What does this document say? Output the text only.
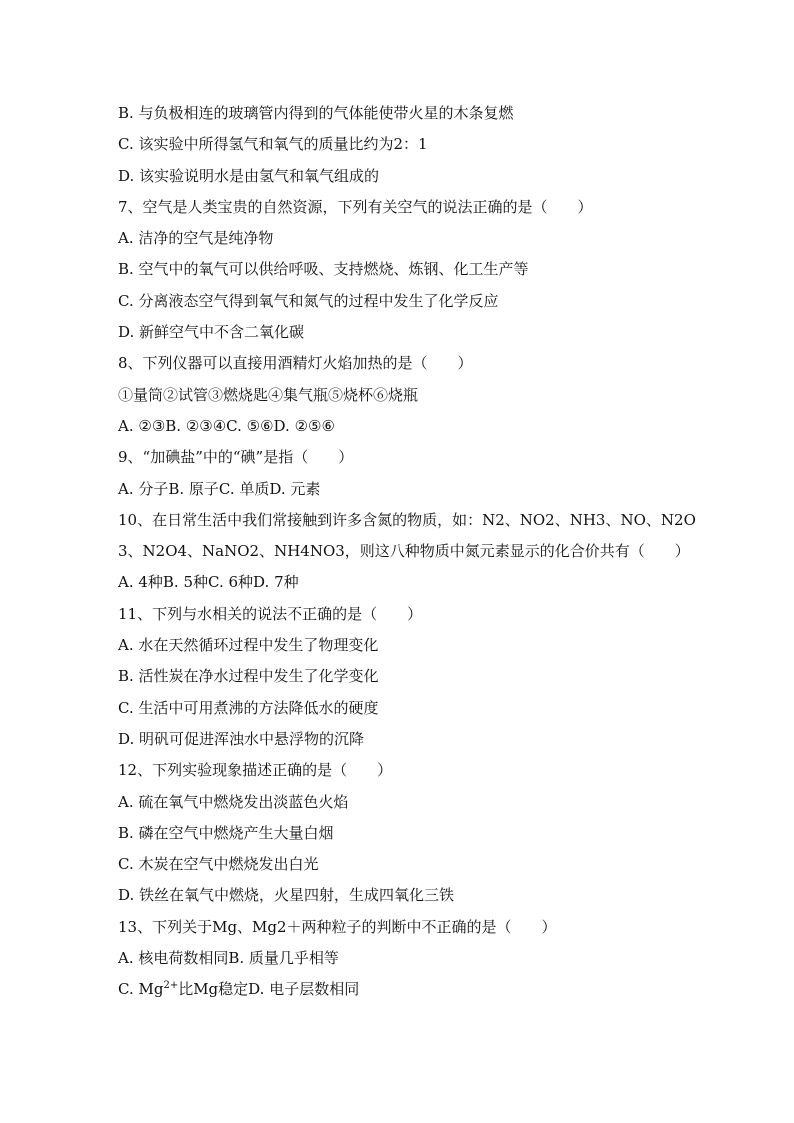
B. 与负极相连的玻璃管内得到的气体能使带火星的木条复燃
C. 该实验中所得氢气和氧气的质量比约为2：1
D. 该实验说明水是由氢气和氧气组成的
7、空气是人类宝贵的自然资源，下列有关空气的说法正确的是（　　）
A. 洁净的空气是纯净物
B. 空气中的氧气可以供给呼吸、支持燃烧、炼钢、化工生产等
C. 分离液态空气得到氧气和氮气的过程中发生了化学反应
D. 新鲜空气中不含二氧化碳
8、下列仪器可以直接用酒精灯火焰加热的是（　　）
①量筒②试管③燃烧匙④集气瓶⑤烧杯⑥烧瓶
A. ②③B. ②③④C. ⑤⑥D. ②⑤⑥
9、“加碘盐”中的“碘”是指（　　）
A. 分子B. 原子C. 单质D. 元素
10、在日常生活中我们常接触到许多含氮的物质，如：N2、NO2、NH3、NO、N2O
3、N2O4、NaNO2、NH4NO3，则这八种物质中氮元素显示的化合价共有（　　）
A. 4种B. 5种C. 6种D. 7种
11、下列与水相关的说法不正确的是（　　）
A. 水在天然循环过程中发生了物理变化
B. 活性炭在净水过程中发生了化学变化
C. 生活中可用煮沸的方法降低水的硬度
D. 明矾可促进浑浊水中悬浮物的沉降
12、下列实验现象描述正确的是（　　）
A. 硫在氧气中燃烧发出淡蓝色火焰
B. 磷在空气中燃烧产生大量白烟
C. 木炭在空气中燃烧发出白光
D. 铁丝在氧气中燃烧，火星四射，生成四氧化三铁
13、下列关于Mg、Mg2＋两种粒子的判断中不正确的是（　　）
A. 核电荷数相同B. 质量几乎相等
C. $Mg^{2+}$比Mg稳定D. 电子层数相同
